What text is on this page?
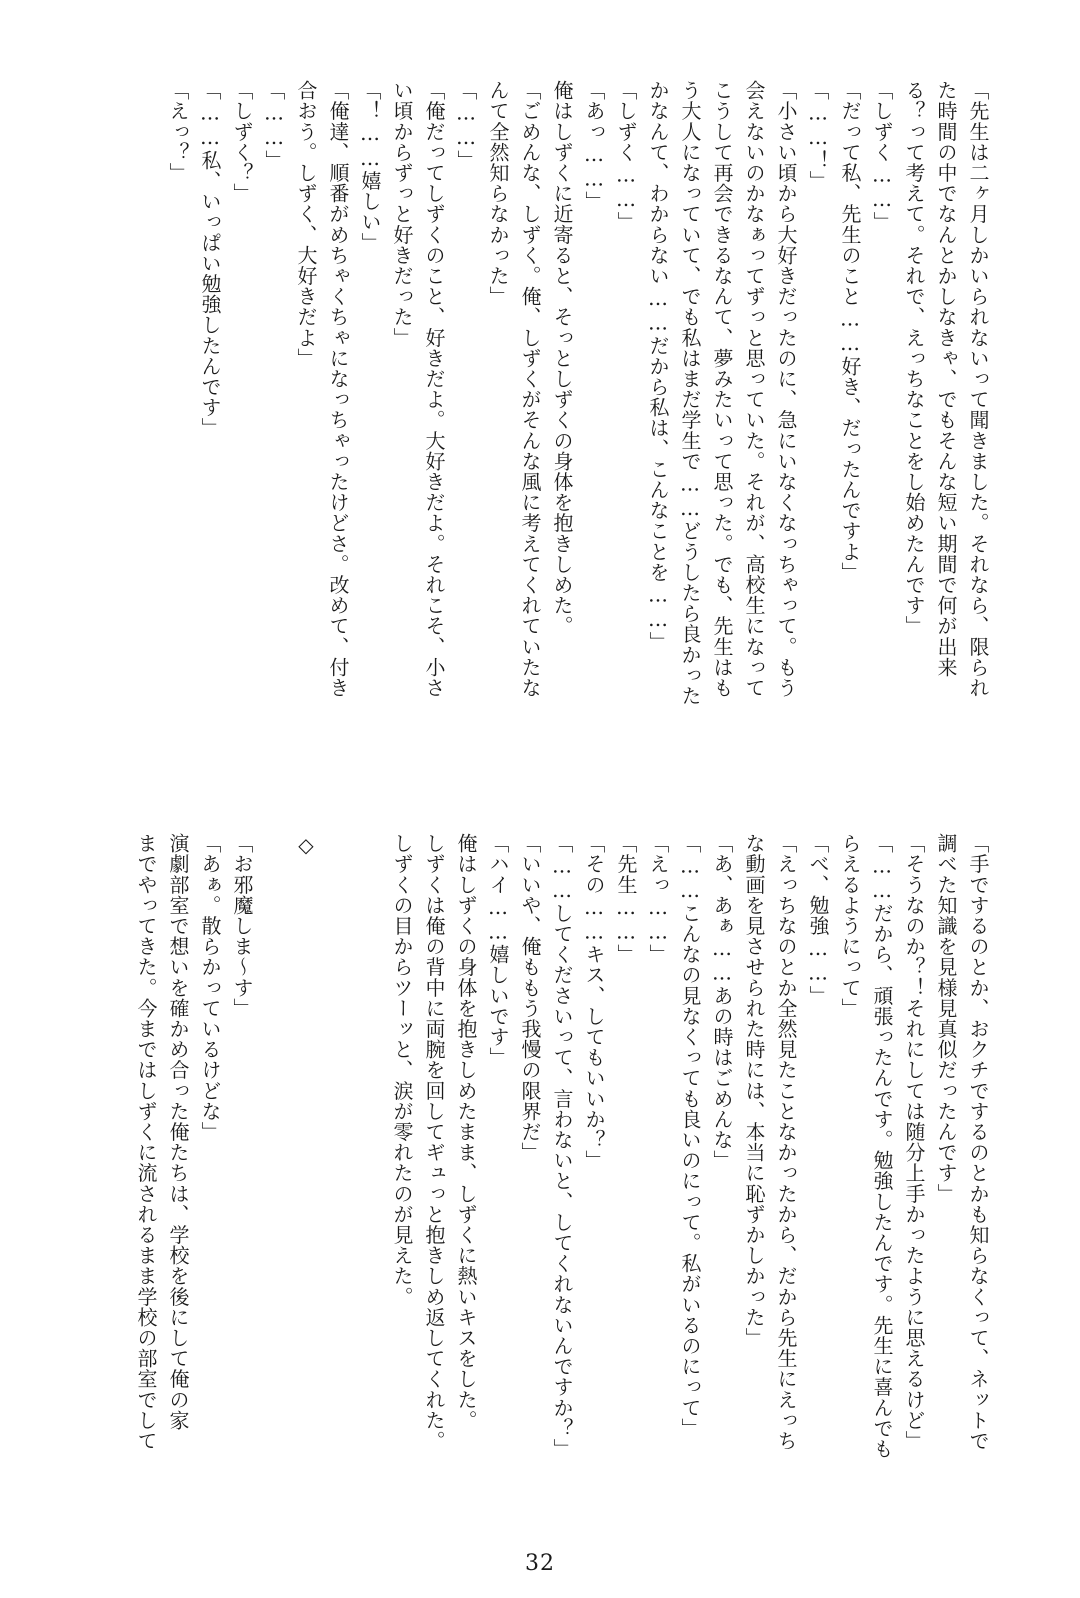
「先生は二ヶ月しかいられないって聞きました。それなら、限られ
た時間の中でなんとかしなきゃ、でもそんな短い期間で何が出来
る？って考えて。それで、えっちなことをし始めたんです」
「しずく……」
「だって私、先生のこと……好き、だったんですよ」
「……！」
「小さい頃から大好きだったのに、急にいなくなっちゃって。もう
会えないのかなぁってずっと思っていた。それが、高校生になって
こうして再会できるなんて、夢みたいって思った。でも、先生はも
う大人になっていて、でも私はまだ学生で……どうしたら良かった
かなんて、わからない……だから私は、こんなことを……」
「しずく……」
「あっ……」
俺はしずくに近寄ると、そっとしずくの身体を抱きしめた。
「ごめんな、しずく。俺、しずくがそんな風に考えてくれていたな
んて全然知らなかった」
「……」
「俺だってしずくのこと、好きだよ。大好きだよ。それこそ、小さ
い頃からずっと好きだった」
「！……嬉しい」
「俺達、順番がめちゃくちゃになっちゃったけどさ。改めて、付き
合おう。しずく、大好きだよ」
「……」
「しずく？」
「……私、いっぱい勉強したんです」
「えっ？」
「手でするのとか、おクチでするのとかも知らなくって、ネットで
調べた知識を見様見真似だったんです」
「そうなのか？！それにしては随分上手かったように思えるけど」
「……だから、頑張ったんです。勉強したんです。先生に喜んでも
らえるようにって」
「べ、勉強……」
「えっちなのとか全然見たことなかったから、だから先生にえっち
な動画を見させられた時には、本当に恥ずかしかった」
「あ、あぁ……あの時はごめんな」
「……こんなの見なくっても良いのにって。私がいるのにって」
「えっ……」
「先生……」
「その……キス、してもいいか？」
「……してくださいって、言わないと、してくれないんですか？」
「いいや、俺ももう我慢の限界だ」
「ハイ……嬉しいです」
俺はしずくの身体を抱きしめたまま、しずくに熱いキスをした。
しずくは俺の背中に両腕を回してギュっと抱きしめ返してくれた。
しずくの目からツーッと、涙が零れたのが見えた。
◇
「お邪魔しま～す」
「あぁ。散らかっているけどな」
演劇部室で想いを確かめ合った俺たちは、学校を後にして俺の家
までやってきた。今まではしずくに流されるまま学校の部室でして
32
